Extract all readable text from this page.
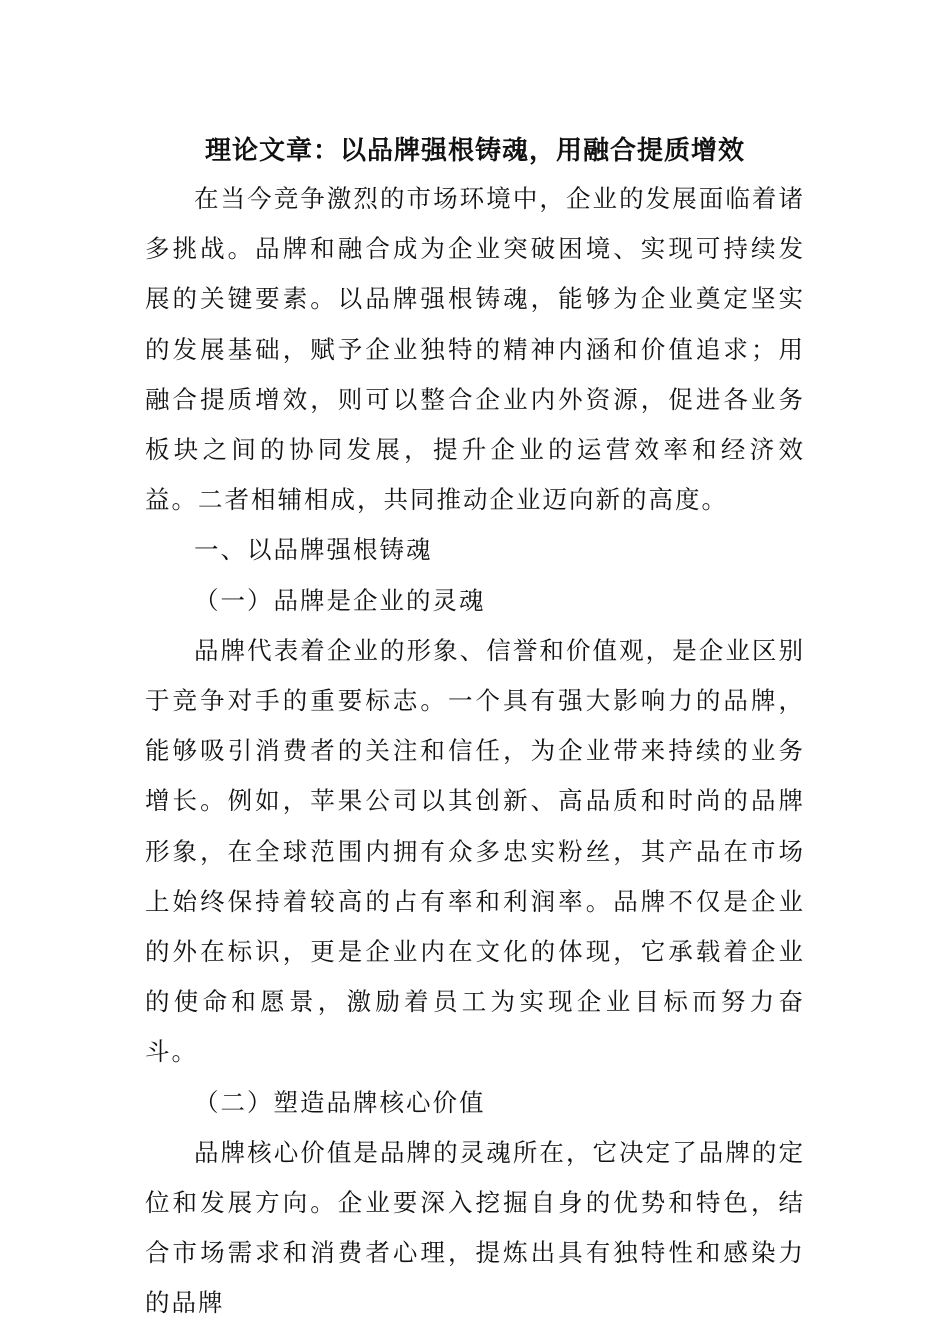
理论文章：以品牌强根铸魂，用融合提质增效

在当今竞争激烈的市场环境中，企业的发展面临着诸多挑战。品牌和融合成为企业突破困境、实现可持续发展的关键要素。以品牌强根铸魂，能够为企业奠定坚实的发展基础，赋予企业独特的精神内涵和价值追求；用融合提质增效，则可以整合企业内外资源，促进各业务板块之间的协同发展，提升企业的运营效率和经济效益。二者相辅相成，共同推动企业迈向新的高度。

一、以品牌强根铸魂

（一）品牌是企业的灵魂

品牌代表着企业的形象、信誉和价值观，是企业区别于竞争对手的重要标志。一个具有强大影响力的品牌，能够吸引消费者的关注和信任，为企业带来持续的业务增长。例如，苹果公司以其创新、高品质和时尚的品牌形象，在全球范围内拥有众多忠实粉丝，其产品在市场上始终保持着较高的占有率和利润率。品牌不仅是企业的外在标识，更是企业内在文化的体现，它承载着企业的使命和愿景，激励着员工为实现企业目标而努力奋斗。

（二）塑造品牌核心价值

品牌核心价值是品牌的灵魂所在，它决定了品牌的定位和发展方向。企业要深入挖掘自身的优势和特色，结合市场需求和消费者心理，提炼出具有独特性和感染力的品牌
